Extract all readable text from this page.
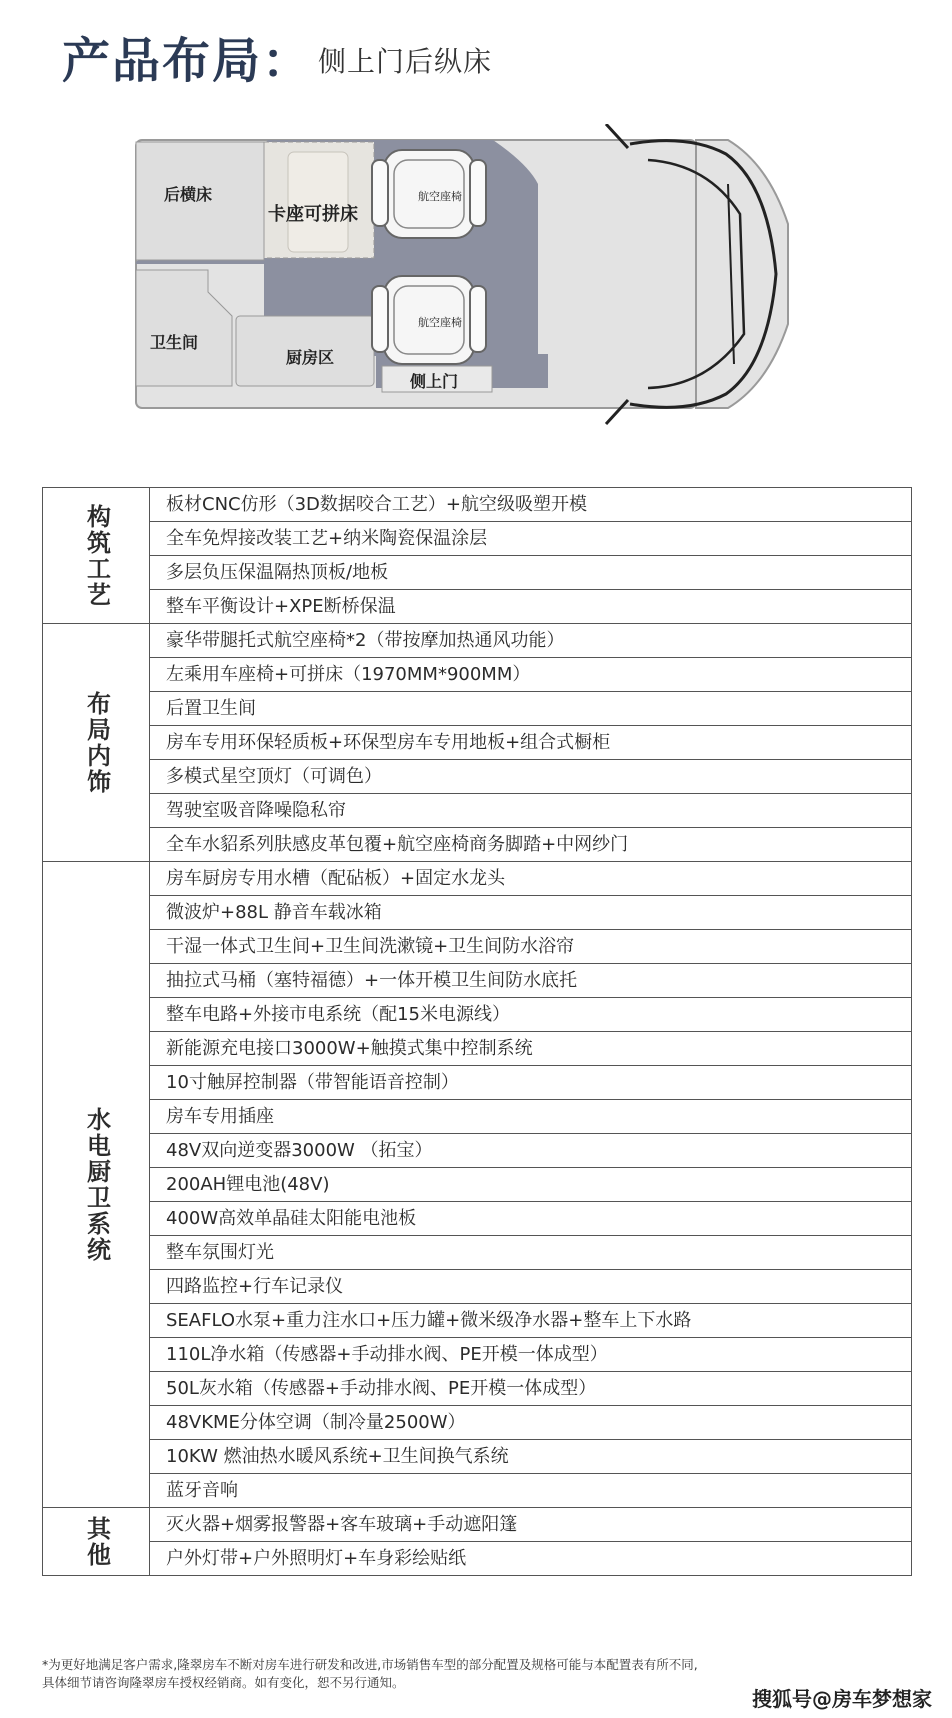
产品布局： 侧上门后纵床
后横床
卡座可拼床
航空座椅
航空座椅
卫生间
厨房区
侧上门
构筑工艺	板材CNC仿形（3D数据咬合工艺）+航空级吸塑开模
	全车免焊接改装工艺+纳米陶瓷保温涂层
	多层负压保温隔热顶板/地板
	整车平衡设计+XPE断桥保温
布局内饰	豪华带腿托式航空座椅*2（带按摩加热通风功能）
	左乘用车座椅+可拼床（1970MM*900MM）
	后置卫生间
	房车专用环保轻质板+环保型房车专用地板+组合式橱柜
	多模式星空顶灯（可调色）
	驾驶室吸音降噪隐私帘
	全车水貂系列肤感皮革包覆+航空座椅商务脚踏+中网纱门
水电厨卫系统	房车厨房专用水槽（配砧板）+固定水龙头
	微波炉+88L 静音车载冰箱
	干湿一体式卫生间+卫生间洗漱镜+卫生间防水浴帘
	抽拉式马桶（塞特福德）+一体开模卫生间防水底托
	整车电路+外接市电系统（配15米电源线）
	新能源充电接口3000W+触摸式集中控制系统
	10寸触屏控制器（带智能语音控制）
	房车专用插座
	48V双向逆变器3000W （拓宝）
	200AH锂电池(48V)
	400W高效单晶硅太阳能电池板
	整车氛围灯光
	四路监控+行车记录仪
	SEAFLO水泵+重力注水口+压力罐+微米级净水器+整车上下水路
	110L净水箱（传感器+手动排水阀、PE开模一体成型）
	50L灰水箱（传感器+手动排水阀、PE开模一体成型）
	48VKME分体空调（制冷量2500W）
	10KW 燃油热水暖风系统+卫生间换气系统
	蓝牙音响
其他	灭火器+烟雾报警器+客车玻璃+手动遮阳篷
	户外灯带+户外照明灯+车身彩绘贴纸
*为更好地满足客户需求,隆翠房车不断对房车进行研发和改进,市场销售车型的部分配置及规格可能与本配置表有所不同,
具体细节请咨询隆翠房车授权经销商。如有变化，恕不另行通知。
搜狐号@房车梦想家
